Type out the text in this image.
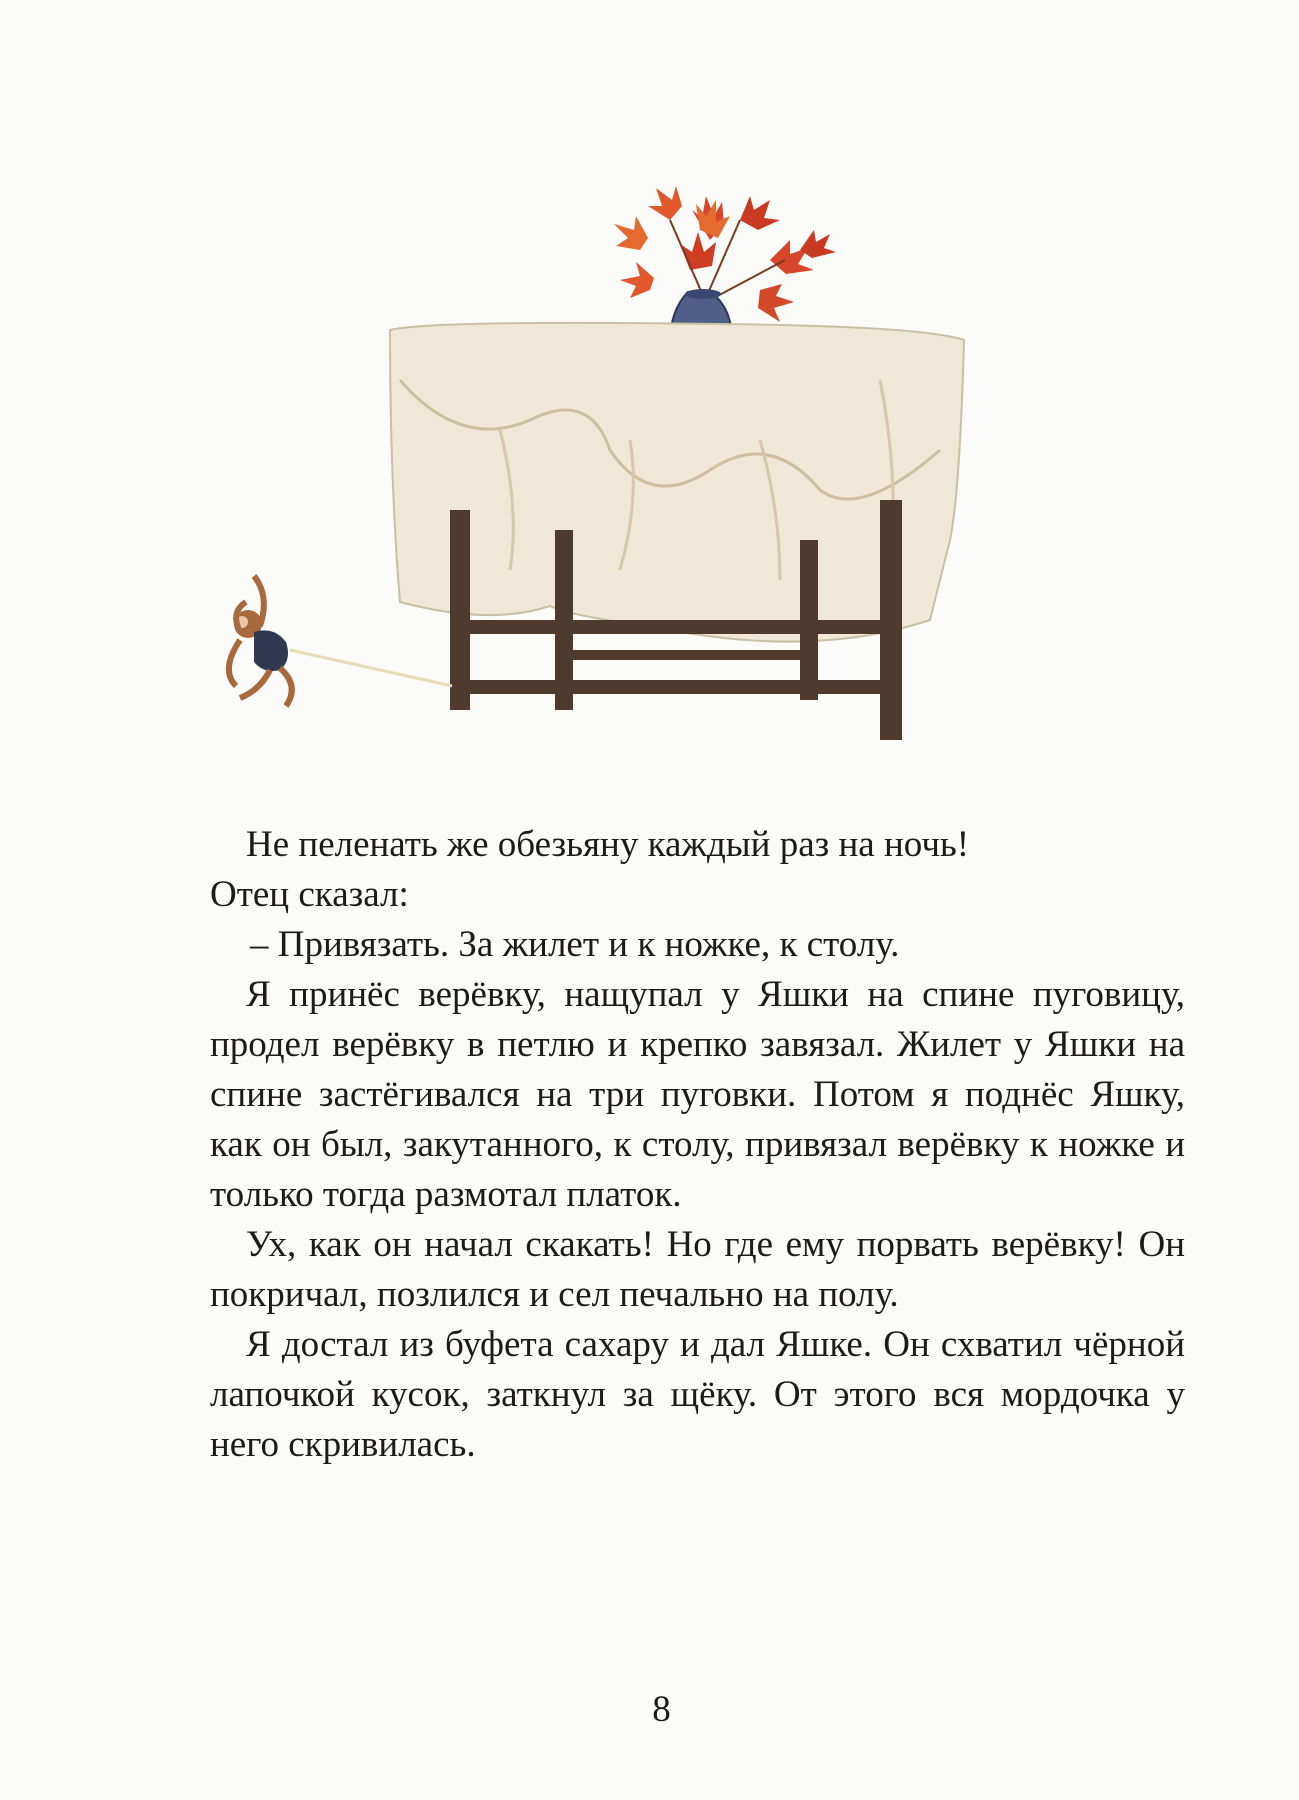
Не пеленать же обезьяну каждый раз на ночь!

Отец сказал:

– Привязать. За жилет и к ножке, к столу.

Я принёс верёвку, нащупал у Яшки на спине пуговицу, продел верёвку в петлю и крепко завязал. Жилет у Яшки на спине застёгивался на три пуговки. Потом я поднёс Яшку, как он был, закутанного, к столу, привязал верёвку к ножке и только тогда размотал платок.

Ух, как он начал скакать! Но где ему порвать верёвку! Он покричал, позлился и сел печально на полу.

Я достал из буфета сахару и дал Яшке. Он схватил чёрной лапочкой кусок, заткнул за щёку. От этого вся мордочка у него скривилась.

8
